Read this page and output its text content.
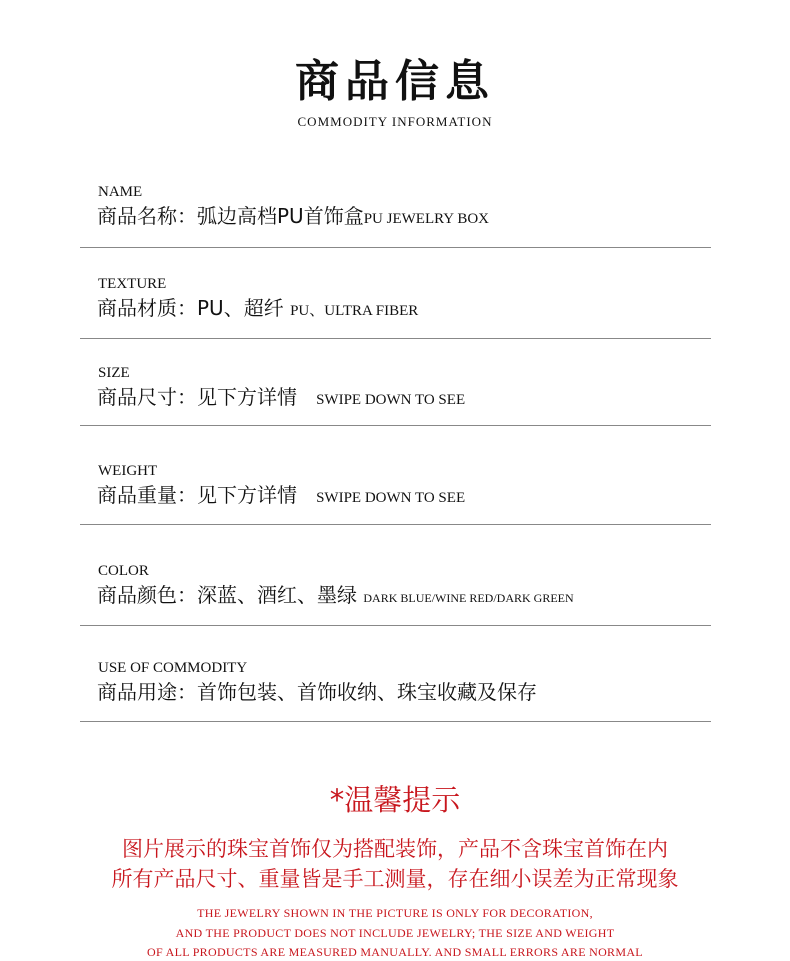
商品信息
COMMODITY INFORMATION
NAME
商品名称：弧边高档PU首饰盒PU JEWELRY BOX
TEXTURE
商品材质：PU、超纤 PU、ULTRA FIBER
SIZE
商品尺寸：见下方详情 SWIPE DOWN TO SEE
WEIGHT
商品重量：见下方详情 SWIPE DOWN TO SEE
COLOR
商品颜色：深蓝、酒红、墨绿 DARK BLUE/WINE RED/DARK GREEN
USE OF COMMODITY
商品用途：首饰包装、首饰收纳、珠宝收藏及保存
*温馨提示
图片展示的珠宝首饰仅为搭配装饰，产品不含珠宝首饰在内
所有产品尺寸、重量皆是手工测量，存在细小误差为正常现象
THE JEWELRY SHOWN IN THE PICTURE IS ONLY FOR DECORATION,
AND THE PRODUCT DOES NOT INCLUDE JEWELRY; THE SIZE AND WEIGHT
OF ALL PRODUCTS ARE MEASURED MANUALLY. AND SMALL ERRORS ARE NORMAL
